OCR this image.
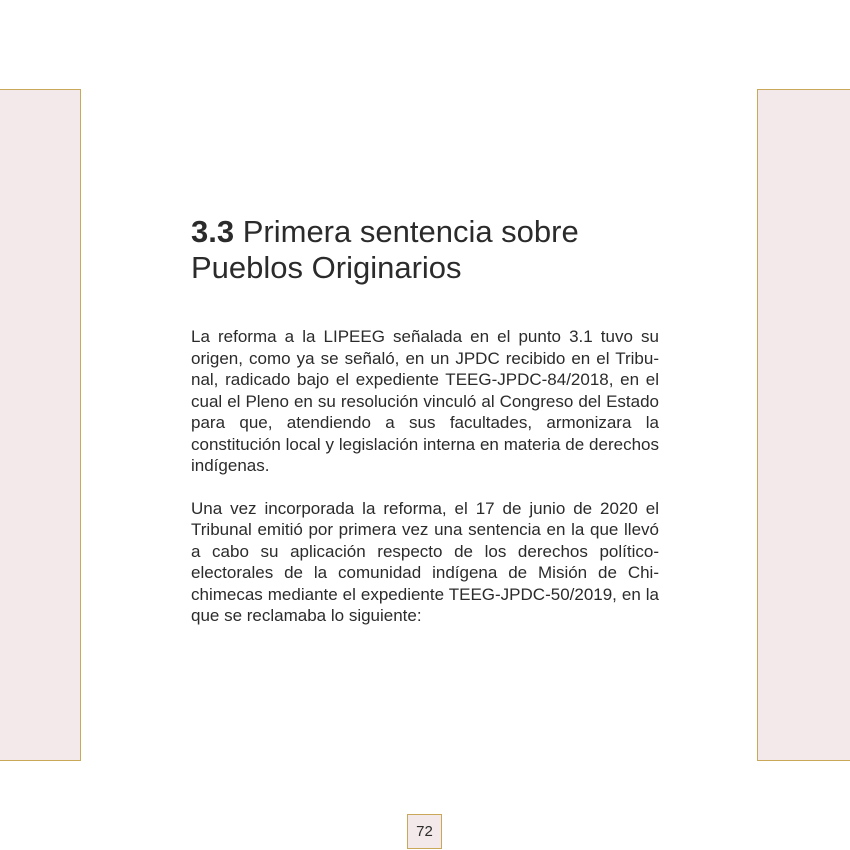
3.3 Primera sentencia sobre
Pueblos Originarios

La reforma a la LIPEEG señalada en el punto 3.1 tuvo su origen, como ya se señaló, en un JPDC recibido en el Tribunal, radicado bajo el expediente TEEG-JPDC-84/2018, en el cual el Pleno en su resolución vinculó al Congreso del Estado para que, atendiendo a sus facultades, armonizara la constitución local y legislación interna en materia de derechos indígenas.

Una vez incorporada la reforma, el 17 de junio de 2020 el Tribunal emitió por primera vez una sentencia en la que llevó a cabo su aplicación respecto de los derechos político-electorales de la comunidad indígena de Misión de Chichimecas mediante el expediente TEEG-JPDC-50/2019, en la que se reclamaba lo siguiente:

72
